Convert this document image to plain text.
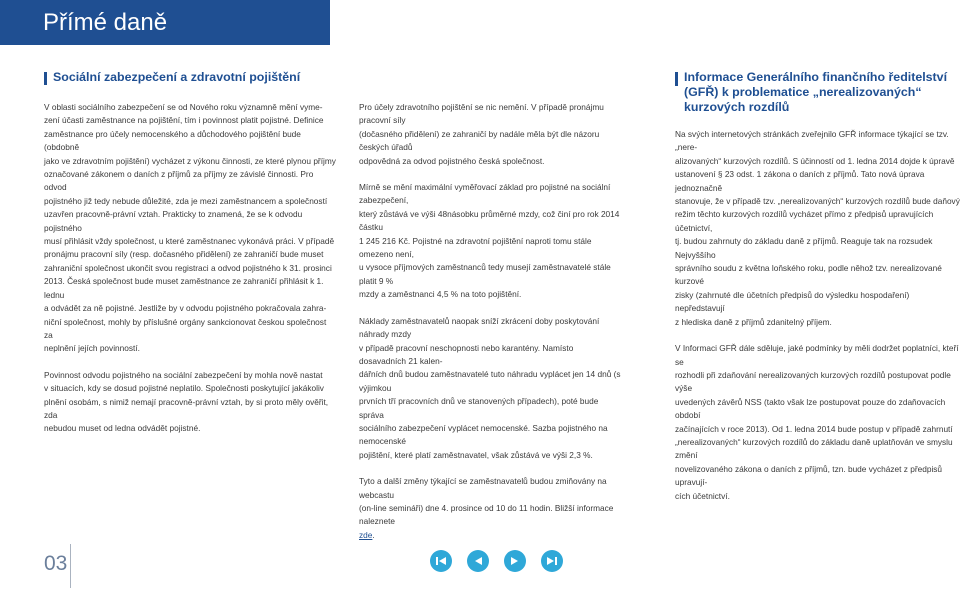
Přímé daně
Sociální zabezpečení a zdravotní pojištění

V oblasti sociálního zabezpečení se od Nového roku významně mění vyme-
zení účasti zaměstnance na pojištění, tím i povinnost platit pojistné. Definice
zaměstnance pro účely nemocenského a důchodového pojištění bude (obdobně
jako ve zdravotním pojištění) vycházet z výkonu činnosti, ze které plynou příjmy
označované zákonem o daních z příjmů za příjmy ze závislé činnosti. Pro odvod
pojistného již tedy nebude důležité, zda je mezi zaměstnancem a společností
uzavřen pracovně-právní vztah. Prakticky to znamená, že se k odvodu pojistného
musí přihlásit vždy společnost, u které zaměstnanec vykonává práci. V případě
pronájmu pracovní síly (resp. dočasného přidělení) ze zahraničí bude muset
zahraniční společnost ukončit svou registraci a odvod pojistného k 31. prosinci
2013. Česká společnost bude muset zaměstnance ze zahraničí přihlásit k 1. lednu
a odvádět za ně pojistné. Jestliže by v odvodu pojistného pokračovala zahra-
niční společnost, mohly by příslušné orgány sankcionovat českou společnost za
neplnění jejích povinností.

Povinnost odvodu pojistného na sociální zabezpečení by mohla nově nastat
v situacích, kdy se dosud pojistné neplatilo. Společnosti poskytující jakákoliv
plnění osobám, s nimiž nemají pracovně-právní vztah, by si proto měly ověřit, zda
nebudou muset od ledna odvádět pojistné.

Pro účely zdravotního pojištění se nic nemění. V případě pronájmu pracovní síly
(dočasného přidělení) ze zahraničí by nadále měla být dle názoru českých úřadů
odpovědná za odvod pojistného česká společnost.

Mírně se mění maximální vyměřovací základ pro pojistné na sociální zabezpečení,
který zůstává ve výši 48násobku průměrné mzdy, což činí pro rok 2014 částku
1 245 216 Kč. Pojistné na zdravotní pojištění naproti tomu stále omezeno není,
u vysoce příjmových zaměstnanců tedy musejí zaměstnavatelé stále platit 9 %
mzdy a zaměstnanci 4,5 % na toto pojištění.

Náklady zaměstnavatelů naopak sníží zkrácení doby poskytování náhrady mzdy
v případě pracovní neschopnosti nebo karantény. Namísto dosavadních 21 kalen-
dářních dnů budou zaměstnavatelé tuto náhradu vyplácet jen 14 dnů (s výjimkou
prvních tří pracovních dnů ve stanovených případech), poté bude správa
sociálního zabezpečení vyplácet nemocenské. Sazba pojistného na nemocenské
pojištění, které platí zaměstnavatel, však zůstává ve výši 2,3 %.

Tyto a další změny týkající se zaměstnavatelů budou zmiňovány na webcastu
(on-line semináři) dne 4. prosince od 10 do 11 hodin. Bližší informace naleznete
zde.

Informace Generálního finančního ředitelství
(GFŘ) k problematice „nerealizovaných“
kurzových rozdílů

Na svých internetových stránkách zveřejnilo GFŘ informace týkající se tzv. „nere-
alizovaných“ kurzových rozdílů. S účinností od 1. ledna 2014 dojde k úpravě
ustanovení § 23 odst. 1 zákona o daních z příjmů. Tato nová úprava jednoznačně
stanovuje, že v případě tzv. „nerealizovaných“ kurzových rozdílů bude daňový
režim těchto kurzových rozdílů vycházet přímo z předpisů upravujících účetnictví,
tj. budou zahrnuty do základu daně z příjmů. Reaguje tak na rozsudek Nejvyššího
správního soudu z května loňského roku, podle něhož tzv. nerealizované kurzové
zisky (zahrnuté dle účetních předpisů do výsledku hospodaření) nepředstavují
z hlediska daně z příjmů zdanitelný příjem.

V Informaci GFŘ dále sděluje, jaké podmínky by měli dodržet poplatníci, kteří se
rozhodli při zdaňování nerealizovaných kurzových rozdílů postupovat podle výše
uvedených závěrů NSS (takto však lze postupovat pouze do zdaňovacích období
začínajících v roce 2013). Od 1. ledna 2014 bude postup v případě zahrnutí
„nerealizovaných“ kurzových rozdílů do základu daně uplatňován ve smyslu změní
novelizovaného zákona o daních z příjmů, tzn. bude vycházet z předpisů upravují-
cích účetnictví.

03
